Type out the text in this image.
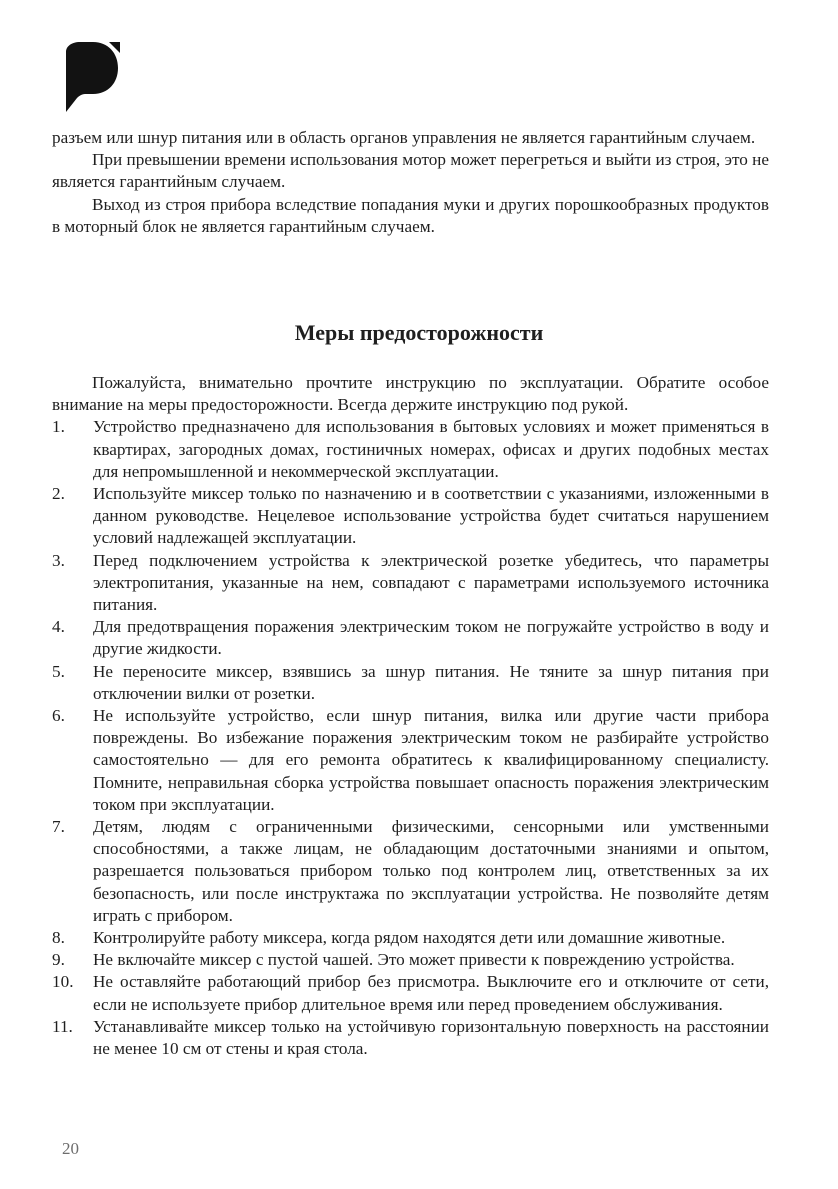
разъем или шнур питания или в область органов управления не является гарантийным случаем.

При превышении времени использования мотор может перегреться и выйти из строя, это не является гарантийным случаем.

Выход из строя прибора вследствие попадания муки и других порошкообразных продуктов в моторный блок не является гарантийным случаем.

Меры предосторожности

Пожалуйста, внимательно прочтите инструкцию по эксплуатации. Обратите особое внимание на меры предосторожности. Всегда держите инструкцию под рукой.

1.	Устройство предназначено для использования в бытовых условиях и может применяться в квартирах, загородных домах, гостиничных номерах, офисах и других подобных местах для непромышленной и некоммерческой эксплуатации.
2.	Используйте миксер только по назначению и в соответствии с указаниями, изложенными в данном руководстве. Нецелевое использование устройства будет считаться нарушением условий надлежащей эксплуатации.
3.	Перед подключением устройства к электрической розетке убедитесь, что параметры электропитания, указанные на нем, совпадают с параметрами используемого источника питания.
4.	Для предотвращения поражения электрическим током не погружайте устройство в воду и другие жидкости.
5.	Не переносите миксер, взявшись за шнур питания. Не тяните за шнур питания при отключении вилки от розетки.
6.	Не используйте устройство, если шнур питания, вилка или другие части прибора повреждены. Во избежание поражения электрическим током не разбирайте устройство самостоятельно — для его ремонта обратитесь к квалифицированному специалисту. Помните, неправильная сборка устройства повышает опасность поражения электрическим током при эксплуатации.
7.	Детям, людям с ограниченными физическими, сенсорными или умственными способностями, а также лицам, не обладающим достаточными знаниями и опытом, разрешается пользоваться прибором только под контролем лиц, ответственных за их безопасность, или после инструктажа по эксплуатации устройства. Не позволяйте детям играть с прибором.
8.	Контролируйте работу миксера, когда рядом находятся дети или домашние животные.
9.	Не включайте миксер с пустой чашей. Это может привести к повреждению устройства.
10.	Не оставляйте работающий прибор без присмотра. Выключите его и отключите от сети, если не используете прибор длительное время или перед проведением обслуживания.
11.	Устанавливайте миксер только на устойчивую горизонтальную поверхность на расстоянии не менее 10 см от стены и края стола.
20
